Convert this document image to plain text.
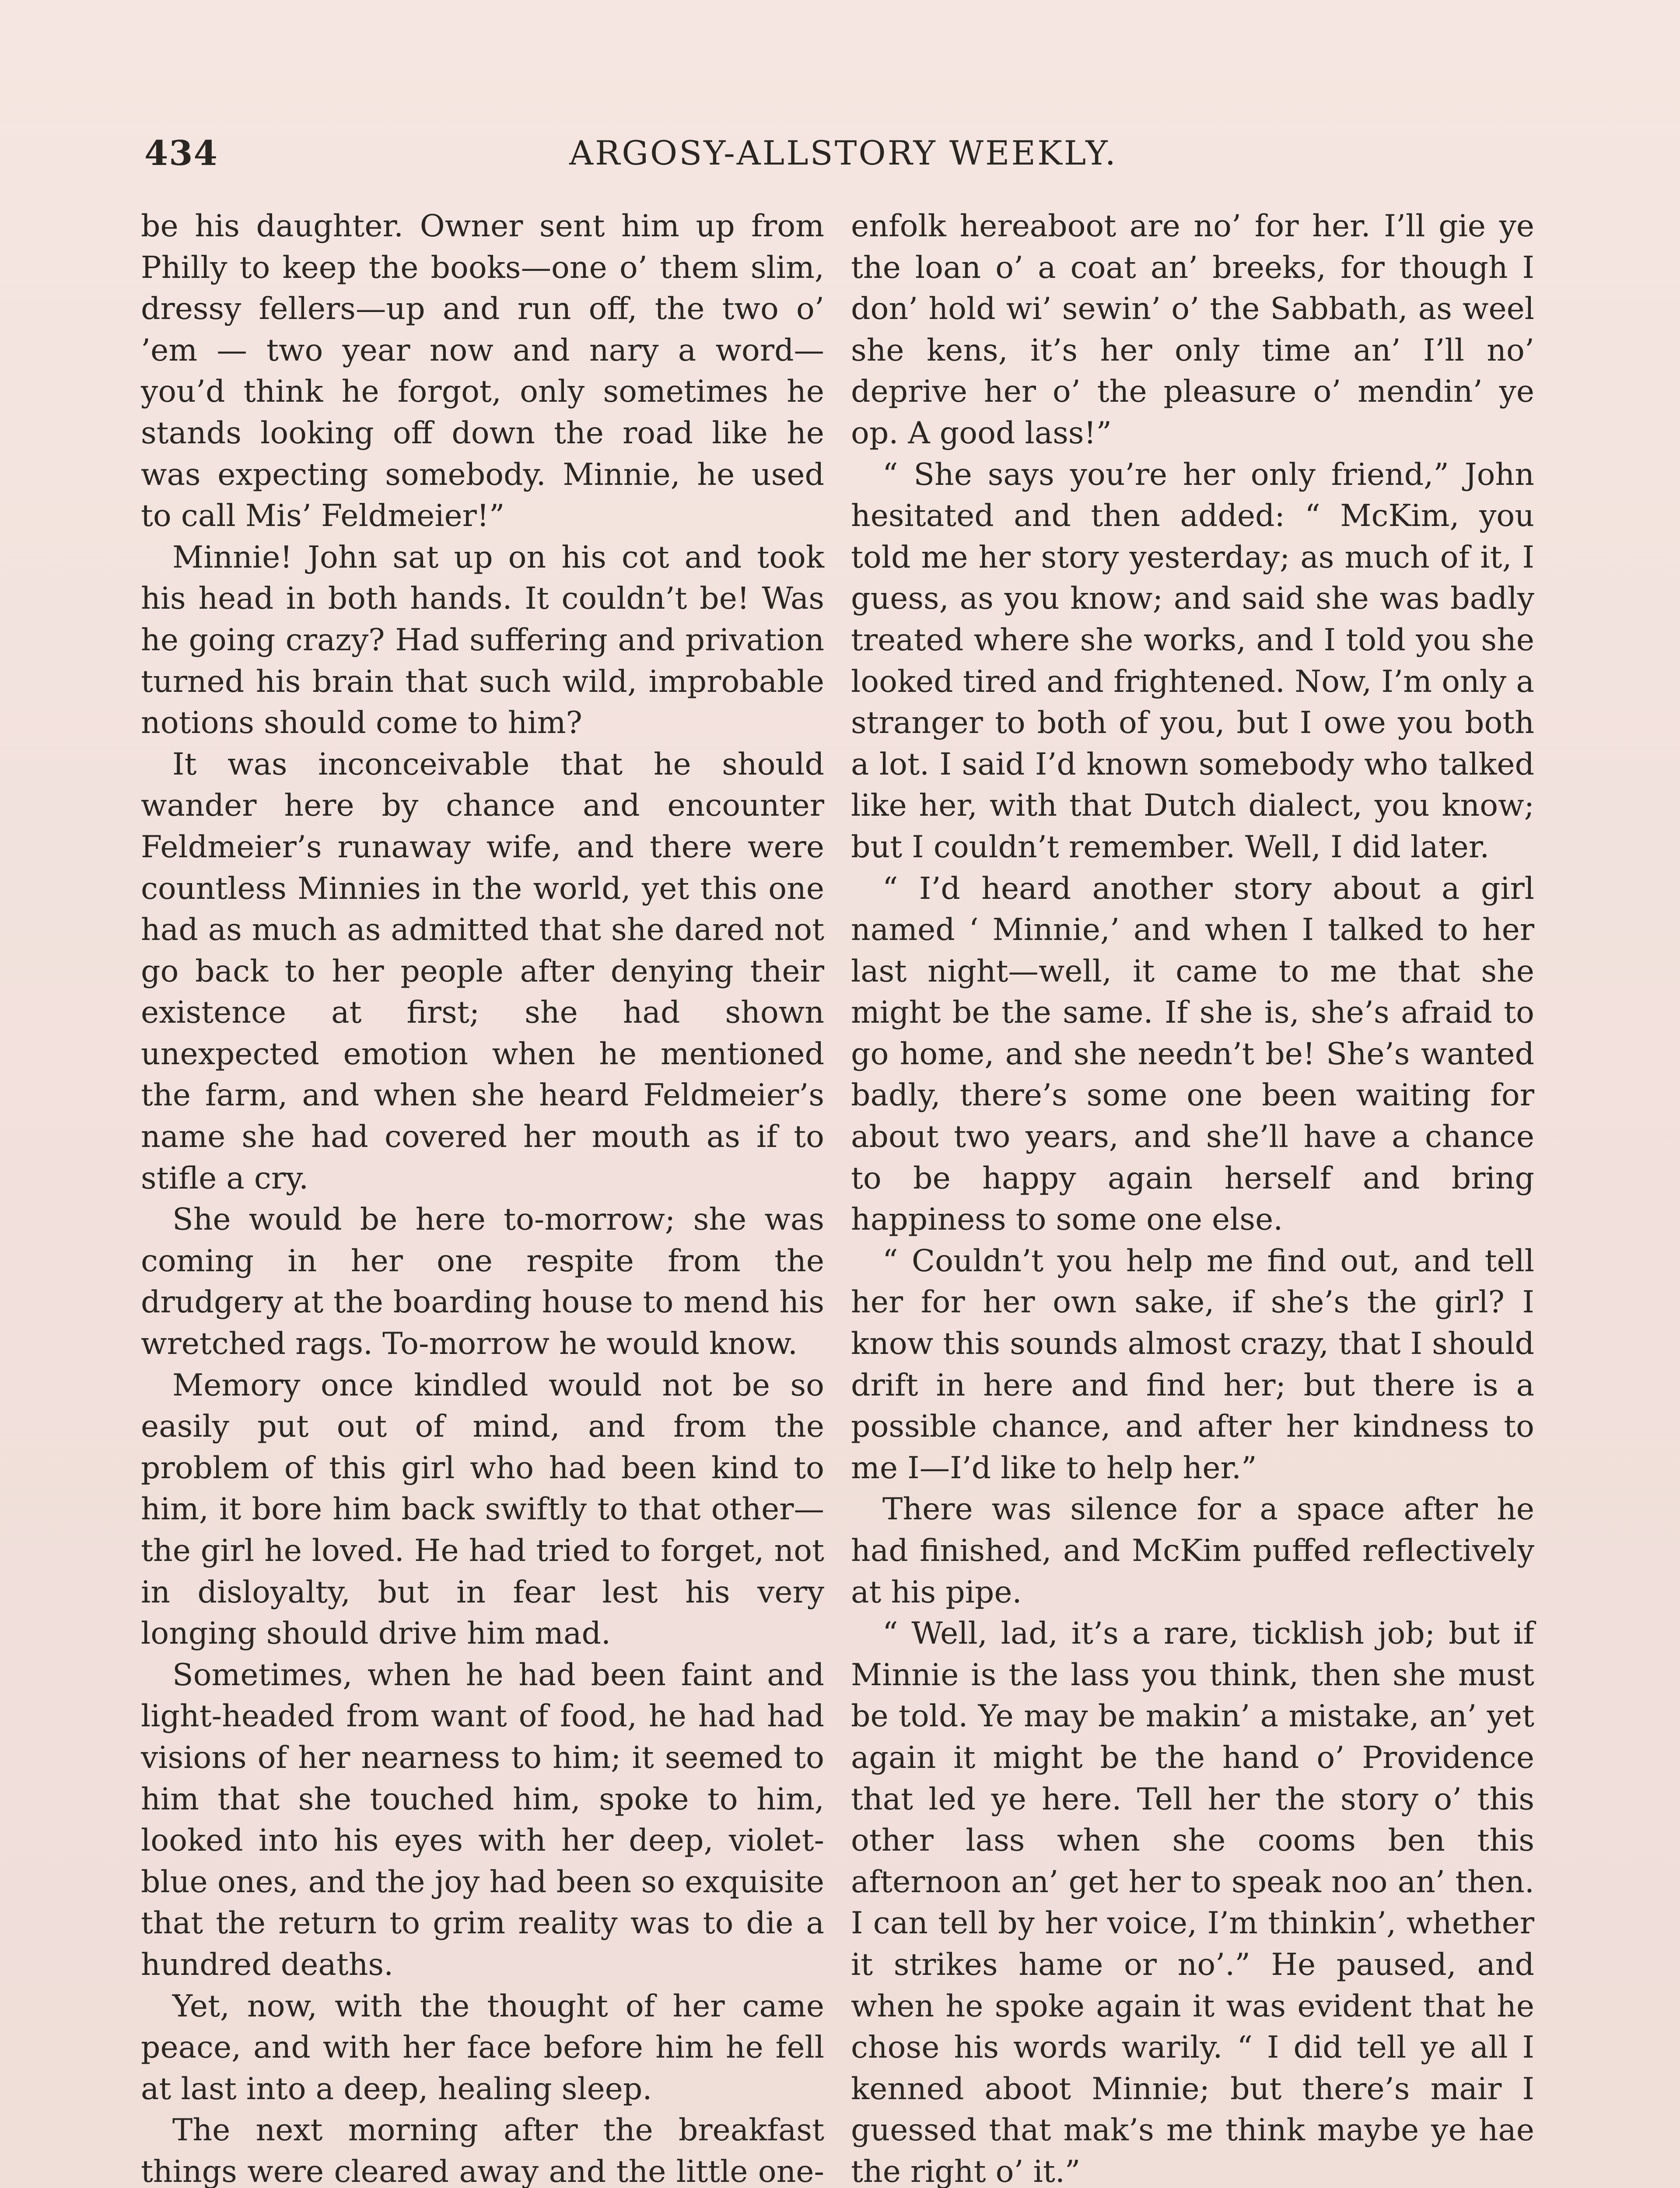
434	ARGOSY-ALLSTORY WEEKLY.

be his daughter. Owner sent him up from Philly to keep the books—one o’ them slim, dressy fellers—up and run off, the two o’ ’em — two year now and nary a word—you’d think he forgot, only sometimes he stands looking off down the road like he was expecting somebody. Minnie, he used to call Mis’ Feldmeier!”

Minnie! John sat up on his cot and took his head in both hands. It couldn’t be! Was he going crazy? Had suffering and privation turned his brain that such wild, improbable notions should come to him?

It was inconceivable that he should wander here by chance and encounter Feldmeier’s runaway wife, and there were countless Minnies in the world, yet this one had as much as admitted that she dared not go back to her people after denying their existence at first; she had shown unexpected emotion when he mentioned the farm, and when she heard Feldmeier’s name she had covered her mouth as if to stifle a cry.

She would be here to-morrow; she was coming in her one respite from the drudgery at the boarding house to mend his wretched rags. To-morrow he would know.

Memory once kindled would not be so easily put out of mind, and from the problem of this girl who had been kind to him, it bore him back swiftly to that other—the girl he loved. He had tried to forget, not in disloyalty, but in fear lest his very longing should drive him mad.

Sometimes, when he had been faint and light-headed from want of food, he had had visions of her nearness to him; it seemed to him that she touched him, spoke to him, looked into his eyes with her deep, violet-blue ones, and the joy had been so exquisite that the return to grim reality was to die a hundred deaths.

Yet, now, with the thought of her came peace, and with her face before him he fell at last into a deep, healing sleep.

The next morning after the breakfast things were cleared away and the little one-

enfolk hereaboot are no’ for her. I’ll gie ye the loan o’ a coat an’ breeks, for though I don’ hold wi’ sewin’ o’ the Sabbath, as weel she kens, it’s her only time an’ I’ll no’ deprive her o’ the pleasure o’ mendin’ ye op. A good lass!”

“ She says you’re her only friend,” John hesitated and then added: “ McKim, you told me her story yesterday; as much of it, I guess, as you know; and said she was badly treated where she works, and I told you she looked tired and frightened. Now, I’m only a stranger to both of you, but I owe you both a lot. I said I’d known somebody who talked like her, with that Dutch dialect, you know; but I couldn’t remember. Well, I did later.

“ I’d heard another story about a girl named ‘ Minnie,’ and when I talked to her last night—well, it came to me that she might be the same. If she is, she’s afraid to go home, and she needn’t be! She’s wanted badly, there’s some one been waiting for about two years, and she’ll have a chance to be happy again herself and bring happiness to some one else.

“ Couldn’t you help me find out, and tell her for her own sake, if she’s the girl? I know this sounds almost crazy, that I should drift in here and find her; but there is a possible chance, and after her kindness to me I—I’d like to help her.”

There was silence for a space after he had finished, and McKim puffed reflectively at his pipe.

“ Well, lad, it’s a rare, ticklish job; but if Minnie is the lass you think, then she must be told. Ye may be makin’ a mistake, an’ yet again it might be the hand o’ Providence that led ye here. Tell her the story o’ this other lass when she cooms ben this afternoon an’ get her to speak noo an’ then. I can tell by her voice, I’m thinkin’, whether it strikes hame or no’.” He paused, and when he spoke again it was evident that he chose his words warily. “ I did tell ye all I kenned aboot Minnie; but there’s mair I guessed that mak’s me think maybe ye hae the right o’ it.”
